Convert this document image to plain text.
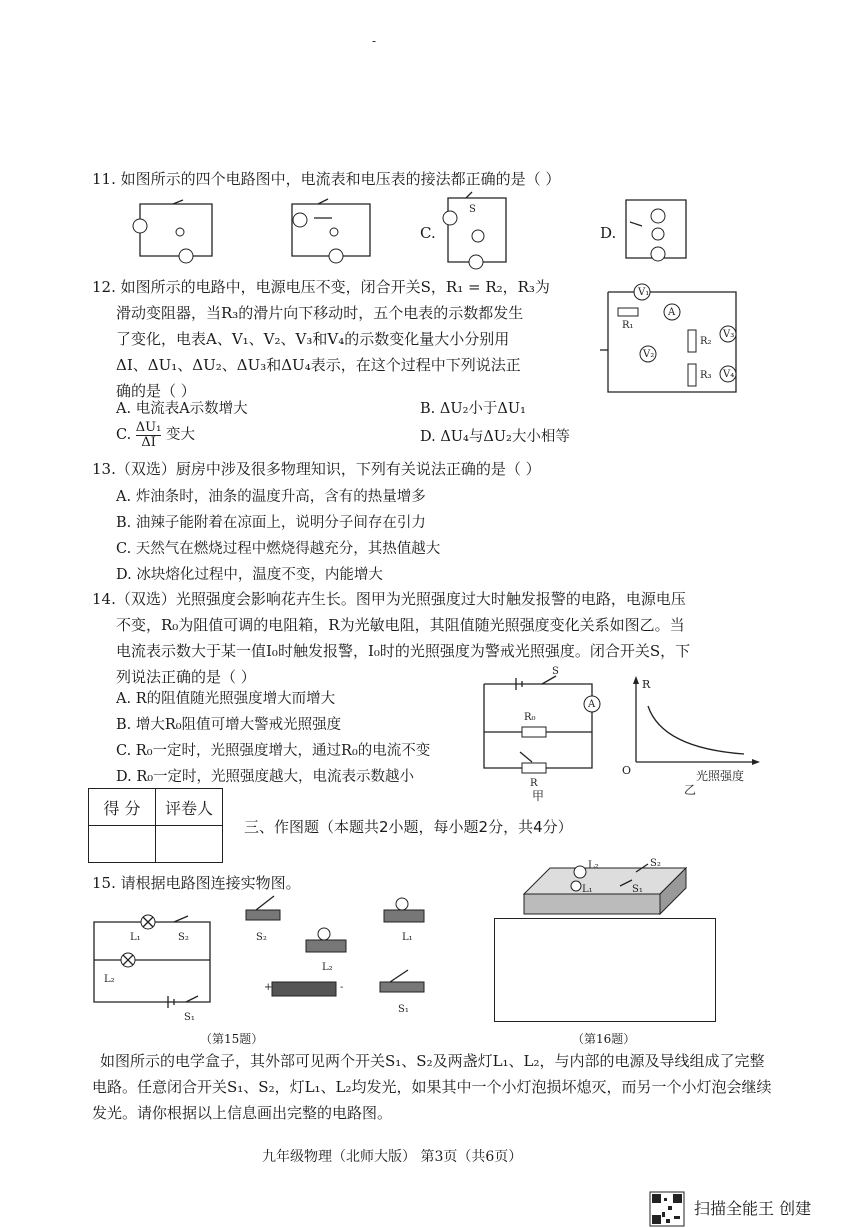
-
11. 如图所示的四个电路图中，电流表和电压表的接法都正确的是（ ）
C.
S
D.
12. 如图所示的电路中，电源电压不变，闭合开关S，R₁ = R₂，R₃为
滑动变阻器，当R₃的滑片向下移动时，五个电表的示数都发生
了变化，电表A、V₁、V₂、V₃和V₄的示数变化量大小分别用
ΔI、ΔU₁、ΔU₂、ΔU₃和ΔU₄表示，在这个过程中下列说法正
确的是（ ）
A. 电流表A示数增大	B. ΔU₂小于ΔU₁
C. $\frac{\text{ΔU₁}}{\Delta I}$ 变大	D. ΔU₄与ΔU₂大小相等
V₁
R₁
A
V₂
R₂
R₃
V₃
V₄
13.（双选）厨房中涉及很多物理知识，下列有关说法正确的是（ ）
A. 炸油条时，油条的温度升高，含有的热量增多
B. 油辣子能附着在凉面上，说明分子间存在引力
C. 天然气在燃烧过程中燃烧得越充分，其热值越大
D. 冰块熔化过程中，温度不变，内能增大
14.（双选）光照强度会影响花卉生长。图甲为光照强度过大时触发报警的电路，电源电压
不变，R₀为阻值可调的电阻箱，R为光敏电阻，其阻值随光照强度变化关系如图乙。当
电流表示数大于某一值I₀时触发报警，I₀时的光照强度为警戒光照强度。闭合开关S，下
列说法正确的是（ ）
A. R的阻值随光照强度增大而增大
B. 增大R₀阻值可增大警戒光照强度
C. R₀一定时，光照强度增大，通过R₀的电流不变
D. R₀一定时，光照强度越大，电流表示数越小
S
A
R₀
R
甲
R
O	光照强度
乙
得 分	评卷人

三、作图题（本题共2小题，每小题2分，共4分）
15. 请根据电路图连接实物图。
L₁	S₂
L₂
S₁
S₂	L₁
L₂
+	-
S₁
（第15题）
L₂	S₂
L₁	S₁
（第16题）
如图所示的电学盒子，其外部可见两个开关S₁、S₂及两盏灯L₁、L₂，与内部的电源及导线组成了完整电路。任意闭合开关S₁、S₂，灯L₁、L₂均发光，如果其中一个小灯泡损坏熄灭，而另一个小灯泡会继续发光。请你根据以上信息画出完整的电路图。
九年级物理（北师大版） 第3页（共6页）
扫描全能王 创建
